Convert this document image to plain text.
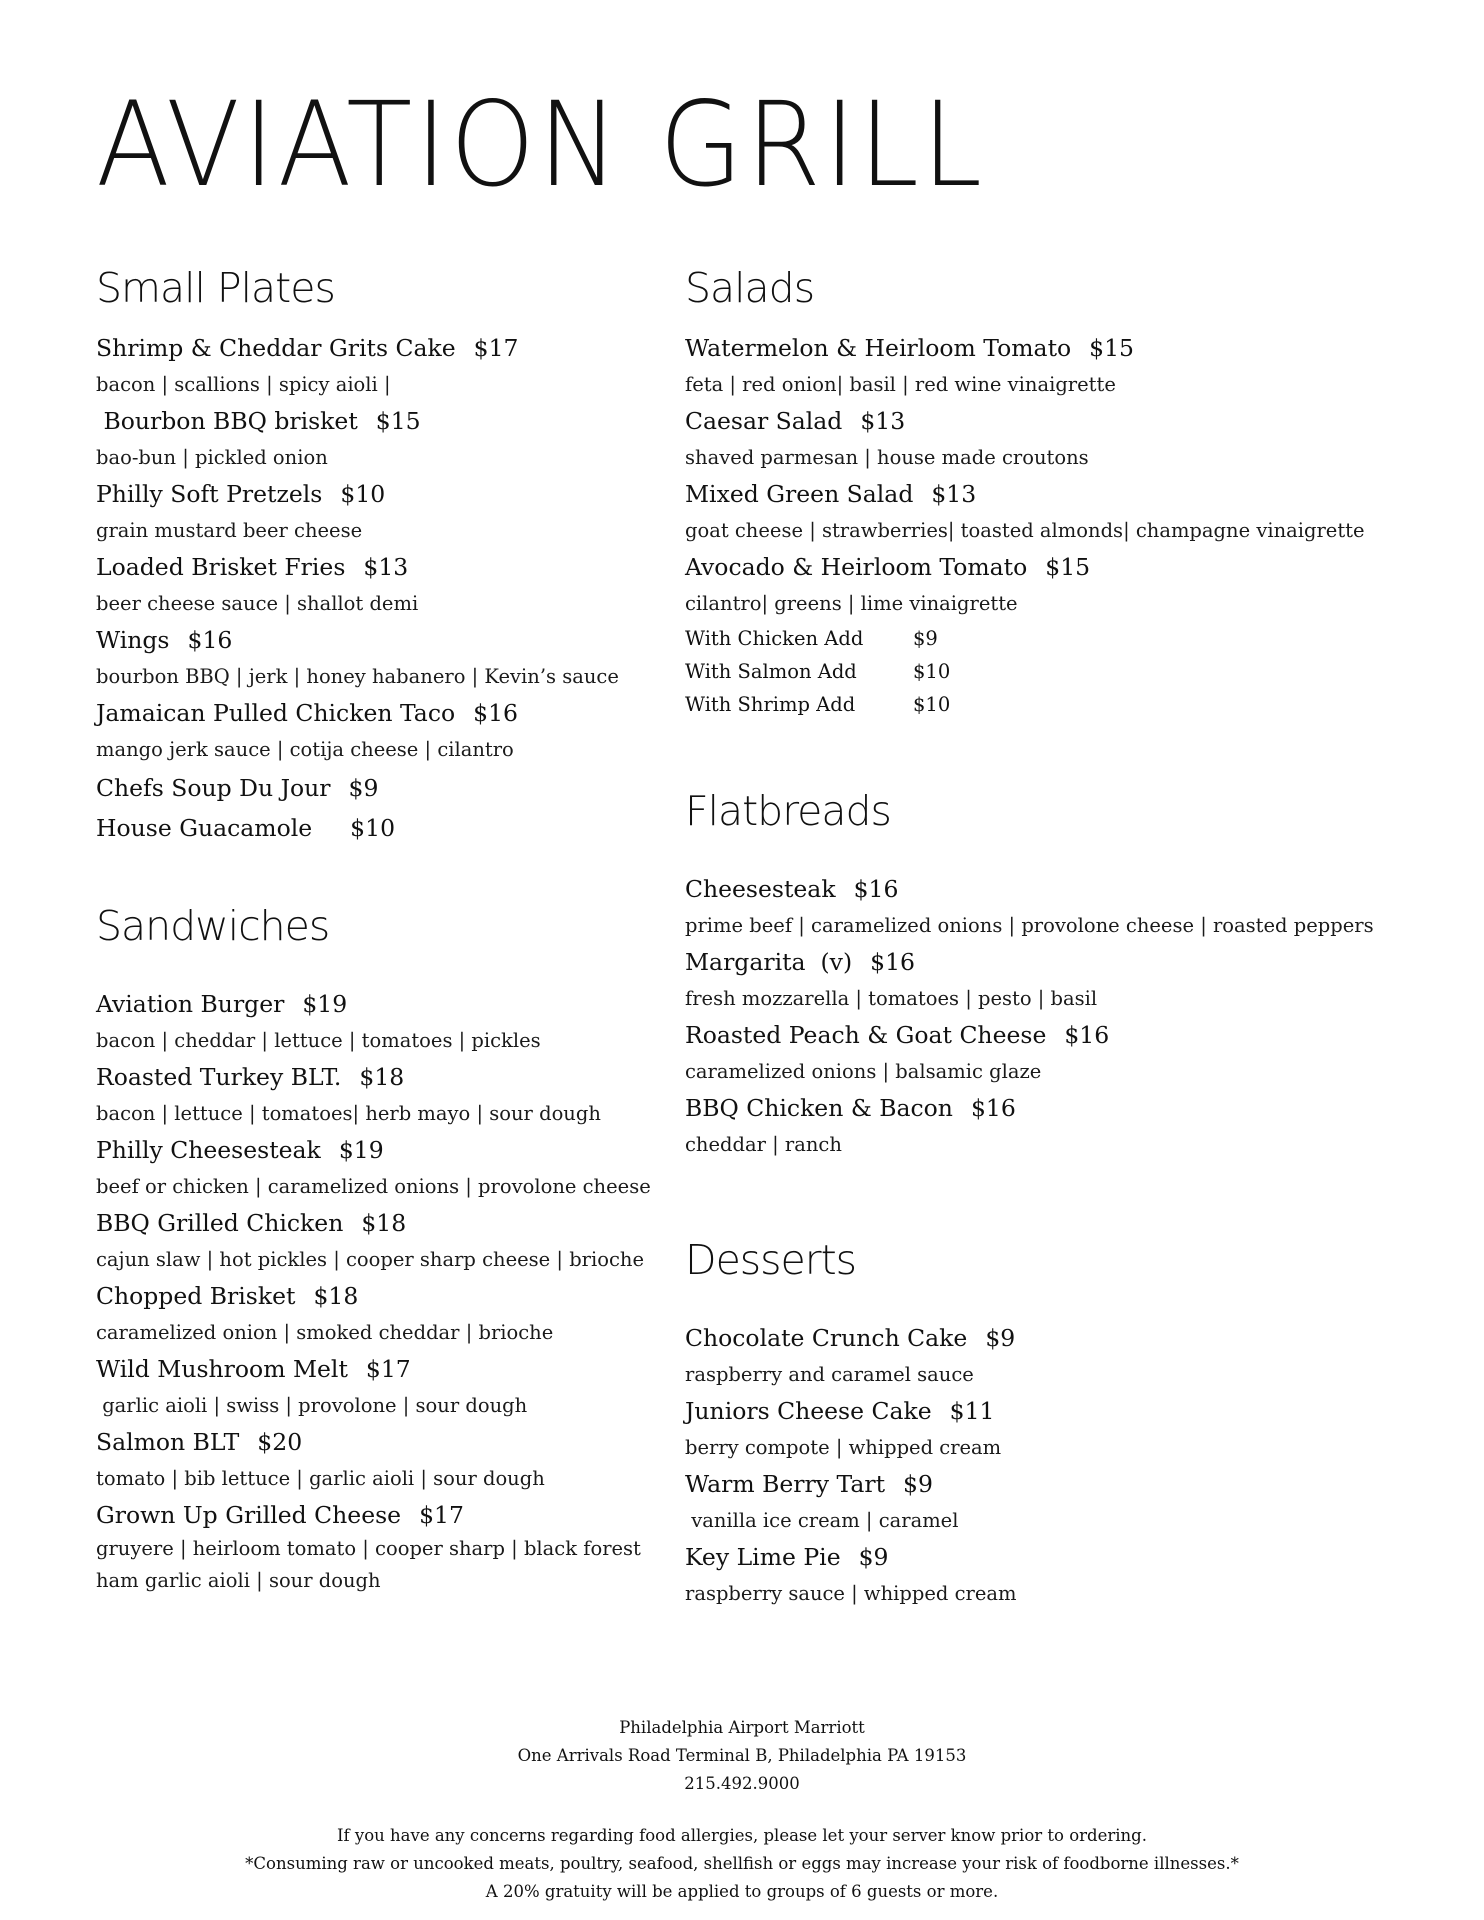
AVIATION GRILL
Small Plates
Shrimp & Cheddar Grits Cake $17
bacon | scallions | spicy aioli |
Bourbon BBQ brisket $15
bao-bun | pickled onion
Philly Soft Pretzels $10
grain mustard beer cheese
Loaded Brisket Fries $13
beer cheese sauce | shallot demi
Wings $16
bourbon BBQ | jerk | honey habanero | Kevin’s sauce
Jamaican Pulled Chicken Taco $16
mango jerk sauce | cotija cheese | cilantro
Chefs Soup Du Jour $9
House Guacamole $10
Sandwiches
Aviation Burger $19
bacon | cheddar | lettuce | tomatoes | pickles
Roasted Turkey BLT. $18
bacon | lettuce | tomatoes| herb mayo | sour dough
Philly Cheesesteak $19
beef or chicken | caramelized onions | provolone cheese
BBQ Grilled Chicken $18
cajun slaw | hot pickles | cooper sharp cheese | brioche
Chopped Brisket $18
caramelized onion | smoked cheddar | brioche
Wild Mushroom Melt $17
garlic aioli | swiss | provolone | sour dough
Salmon BLT $20
tomato | bib lettuce | garlic aioli | sour dough
Grown Up Grilled Cheese $17
gruyere | heirloom tomato | cooper sharp | black forest ham garlic aioli | sour dough
Salads
Watermelon & Heirloom Tomato $15
feta | red onion| basil | red wine vinaigrette
Caesar Salad $13
shaved parmesan | house made croutons
Mixed Green Salad $13
goat cheese | strawberries| toasted almonds| champagne vinaigrette
Avocado & Heirloom Tomato $15
cilantro| greens | lime vinaigrette
With Chicken Add	$9
With Salmon Add	$10
With Shrimp Add	$10
Flatbreads
Cheesesteak $16
prime beef | caramelized onions | provolone cheese | roasted peppers
Margarita  (v) $16
fresh mozzarella | tomatoes | pesto | basil
Roasted Peach & Goat Cheese $16
caramelized onions | balsamic glaze
BBQ Chicken & Bacon $16
cheddar | ranch
Desserts
Chocolate Crunch Cake $9
raspberry and caramel sauce
Juniors Cheese Cake $11
berry compote | whipped cream
Warm Berry Tart $9
vanilla ice cream | caramel
Key Lime Pie $9
raspberry sauce | whipped cream

Philadelphia Airport Marriott

One Arrivals Road Terminal B, Philadelphia PA 19153

215.492.9000

If you have any concerns regarding food allergies, please let your server know prior to ordering.

*Consuming raw or uncooked meats, poultry, seafood, shellfish or eggs may increase your risk of foodborne illnesses.*

A 20% gratuity will be applied to groups of 6 guests or more.
